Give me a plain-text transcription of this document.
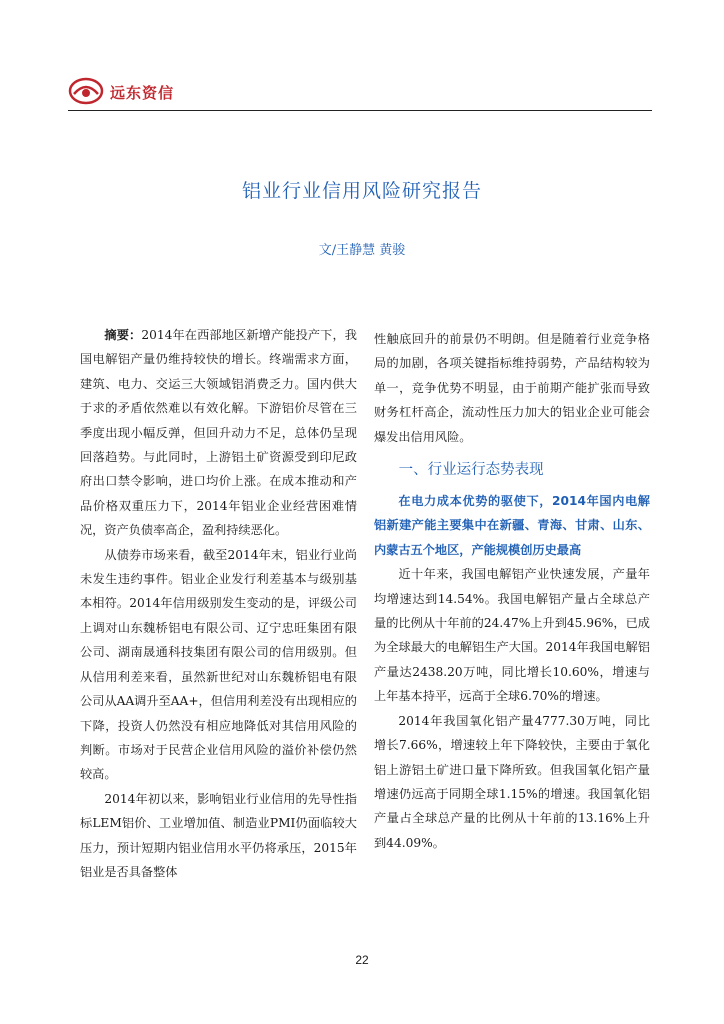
远东资信
铝业行业信用风险研究报告
文/王静慧 黄骏

摘要：2014年在西部地区新增产能投产下，我国电解铝产量仍维持较快的增长。终端需求方面，建筑、电力、交运三大领域铝消费乏力。国内供大于求的矛盾依然难以有效化解。下游铝价尽管在三季度出现小幅反弹，但回升动力不足，总体仍呈现回落趋势。与此同时，上游铝土矿资源受到印尼政府出口禁令影响，进口均价上涨。在成本推动和产品价格双重压力下，2014年铝业企业经营困难情况，资产负债率高企，盈利持续恶化。

从债券市场来看，截至2014年末，铝业行业尚未发生违约事件。铝业企业发行利差基本与级别基本相符。2014年信用级别发生变动的是，评级公司上调对山东魏桥铝电有限公司、辽宁忠旺集团有限公司、湖南晟通科技集团有限公司的信用级别。但从信用利差来看，虽然新世纪对山东魏桥铝电有限公司从AA调升至AA+，但信用利差没有出现相应的下降，投资人仍然没有相应地降低对其信用风险的判断。市场对于民营企业信用风险的溢价补偿仍然较高。

2014年初以来，影响铝业行业信用的先导性指标LEM铝价、工业增加值、制造业PMI仍面临较大压力，预计短期内铝业信用水平仍将承压，2015年铝业是否具备整体

性触底回升的前景仍不明朗。但是随着行业竞争格局的加剧，各项关键指标维持弱势，产品结构较为单一，竞争优势不明显，由于前期产能扩张而导致财务杠杆高企，流动性压力加大的铝业企业可能会爆发出信用风险。

一、行业运行态势表现
在电力成本优势的驱使下，2014年国内电解铝新建产能主要集中在新疆、青海、甘肃、山东、内蒙古五个地区，产能规模创历史最高

近十年来，我国电解铝产业快速发展，产量年均增速达到14.54%。我国电解铝产量占全球总产量的比例从十年前的24.47%上升到45.96%，已成为全球最大的电解铝生产大国。2014年我国电解铝产量达2438.20万吨，同比增长10.60%，增速与上年基本持平，远高于全球6.70%的增速。

2014年我国氧化铝产量4777.30万吨，同比增长7.66%，增速较上年下降较快，主要由于氧化铝上游铝土矿进口量下降所致。但我国氧化铝产量增速仍远高于同期全球1.15%的增速。我国氧化铝产量占全球总产量的比例从十年前的13.16%上升到44.09%。

22
